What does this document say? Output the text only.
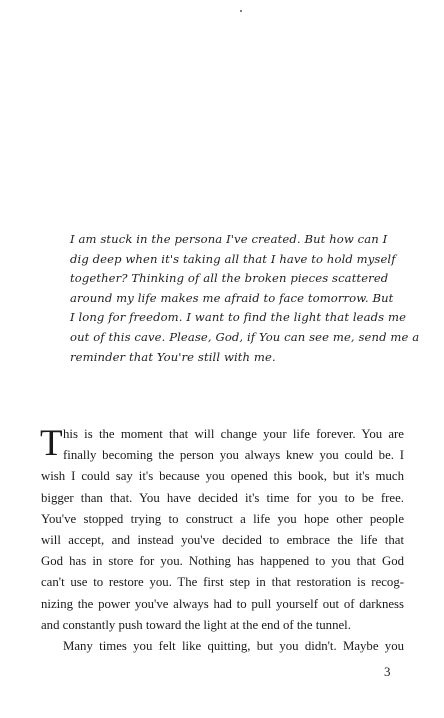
I am stuck in the persona I've created. But how can I
dig deep when it's taking all that I have to hold myself
together? Thinking of all the broken pieces scattered
around my life makes me afraid to face tomorrow. But
I long for freedom. I want to find the light that leads me
out of this cave. Please, God, if You can see me, send me a
reminder that You're still with me.
T his is the moment that will change your life forever. You are
finally becoming the person you always knew you could be. I
wish I could say it's because you opened this book, but it's much
bigger than that. You have decided it's time for you to be free.
You've stopped trying to construct a life you hope other people
will accept, and instead you've decided to embrace the life that
God has in store for you. Nothing has happened to you that God
can't use to restore you. The first step in that restoration is recog-
nizing the power you've always had to pull yourself out of darkness
and constantly push toward the light at the end of the tunnel.
Many times you felt like quitting, but you didn't. Maybe you
3
